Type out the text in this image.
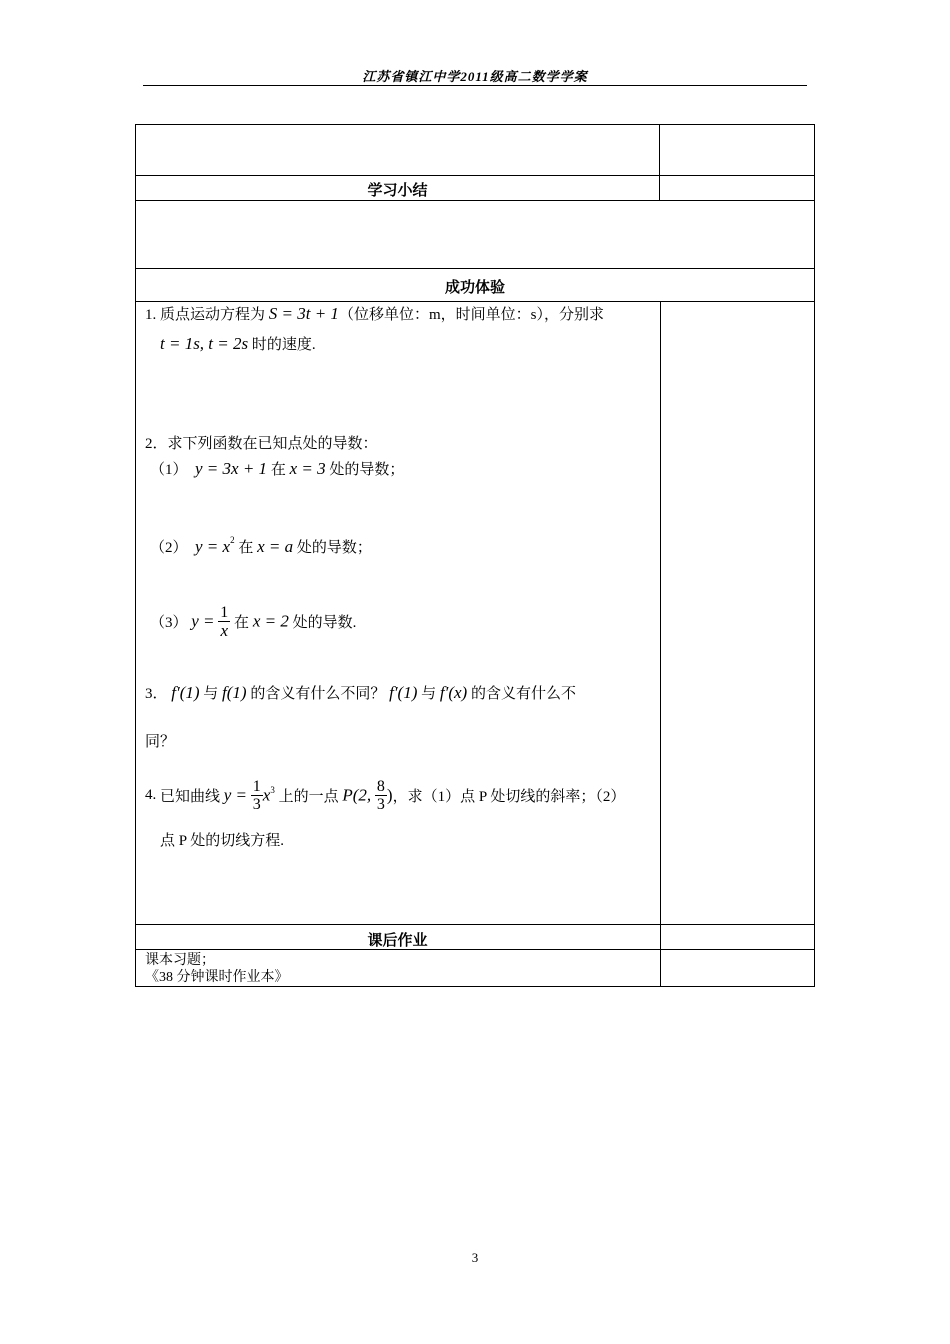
江苏省镇江中学2011级高二数学学案
学习小结
成功体验
课后作业
1. 质点运动方程为 S = 3t + 1（位移单位：m，时间单位：s），分别求
t = 1s, t = 2s 时的速度.
2．求下列函数在已知点处的导数：
（1） y = 3x + 1 在 x = 3 处的导数；
（2） $y = x^2$ 在 x = a 处的导数；
（3） $y = \frac{1}{x}$ 在 x = 2 处的导数.
3． f′(1) 与 f(1) 的含义有什么不同？ f′(1) 与 f′(x) 的含义有什么不
同？
4. 已知曲线 $y = \frac{1}{3} x^3$ 上的一点 P(2, $\frac{8}{3}$ )，求（1）点 P 处切线的斜率；（2）
点 P 处的切线方程.
课本习题；
《38 分钟课时作业本》
3
